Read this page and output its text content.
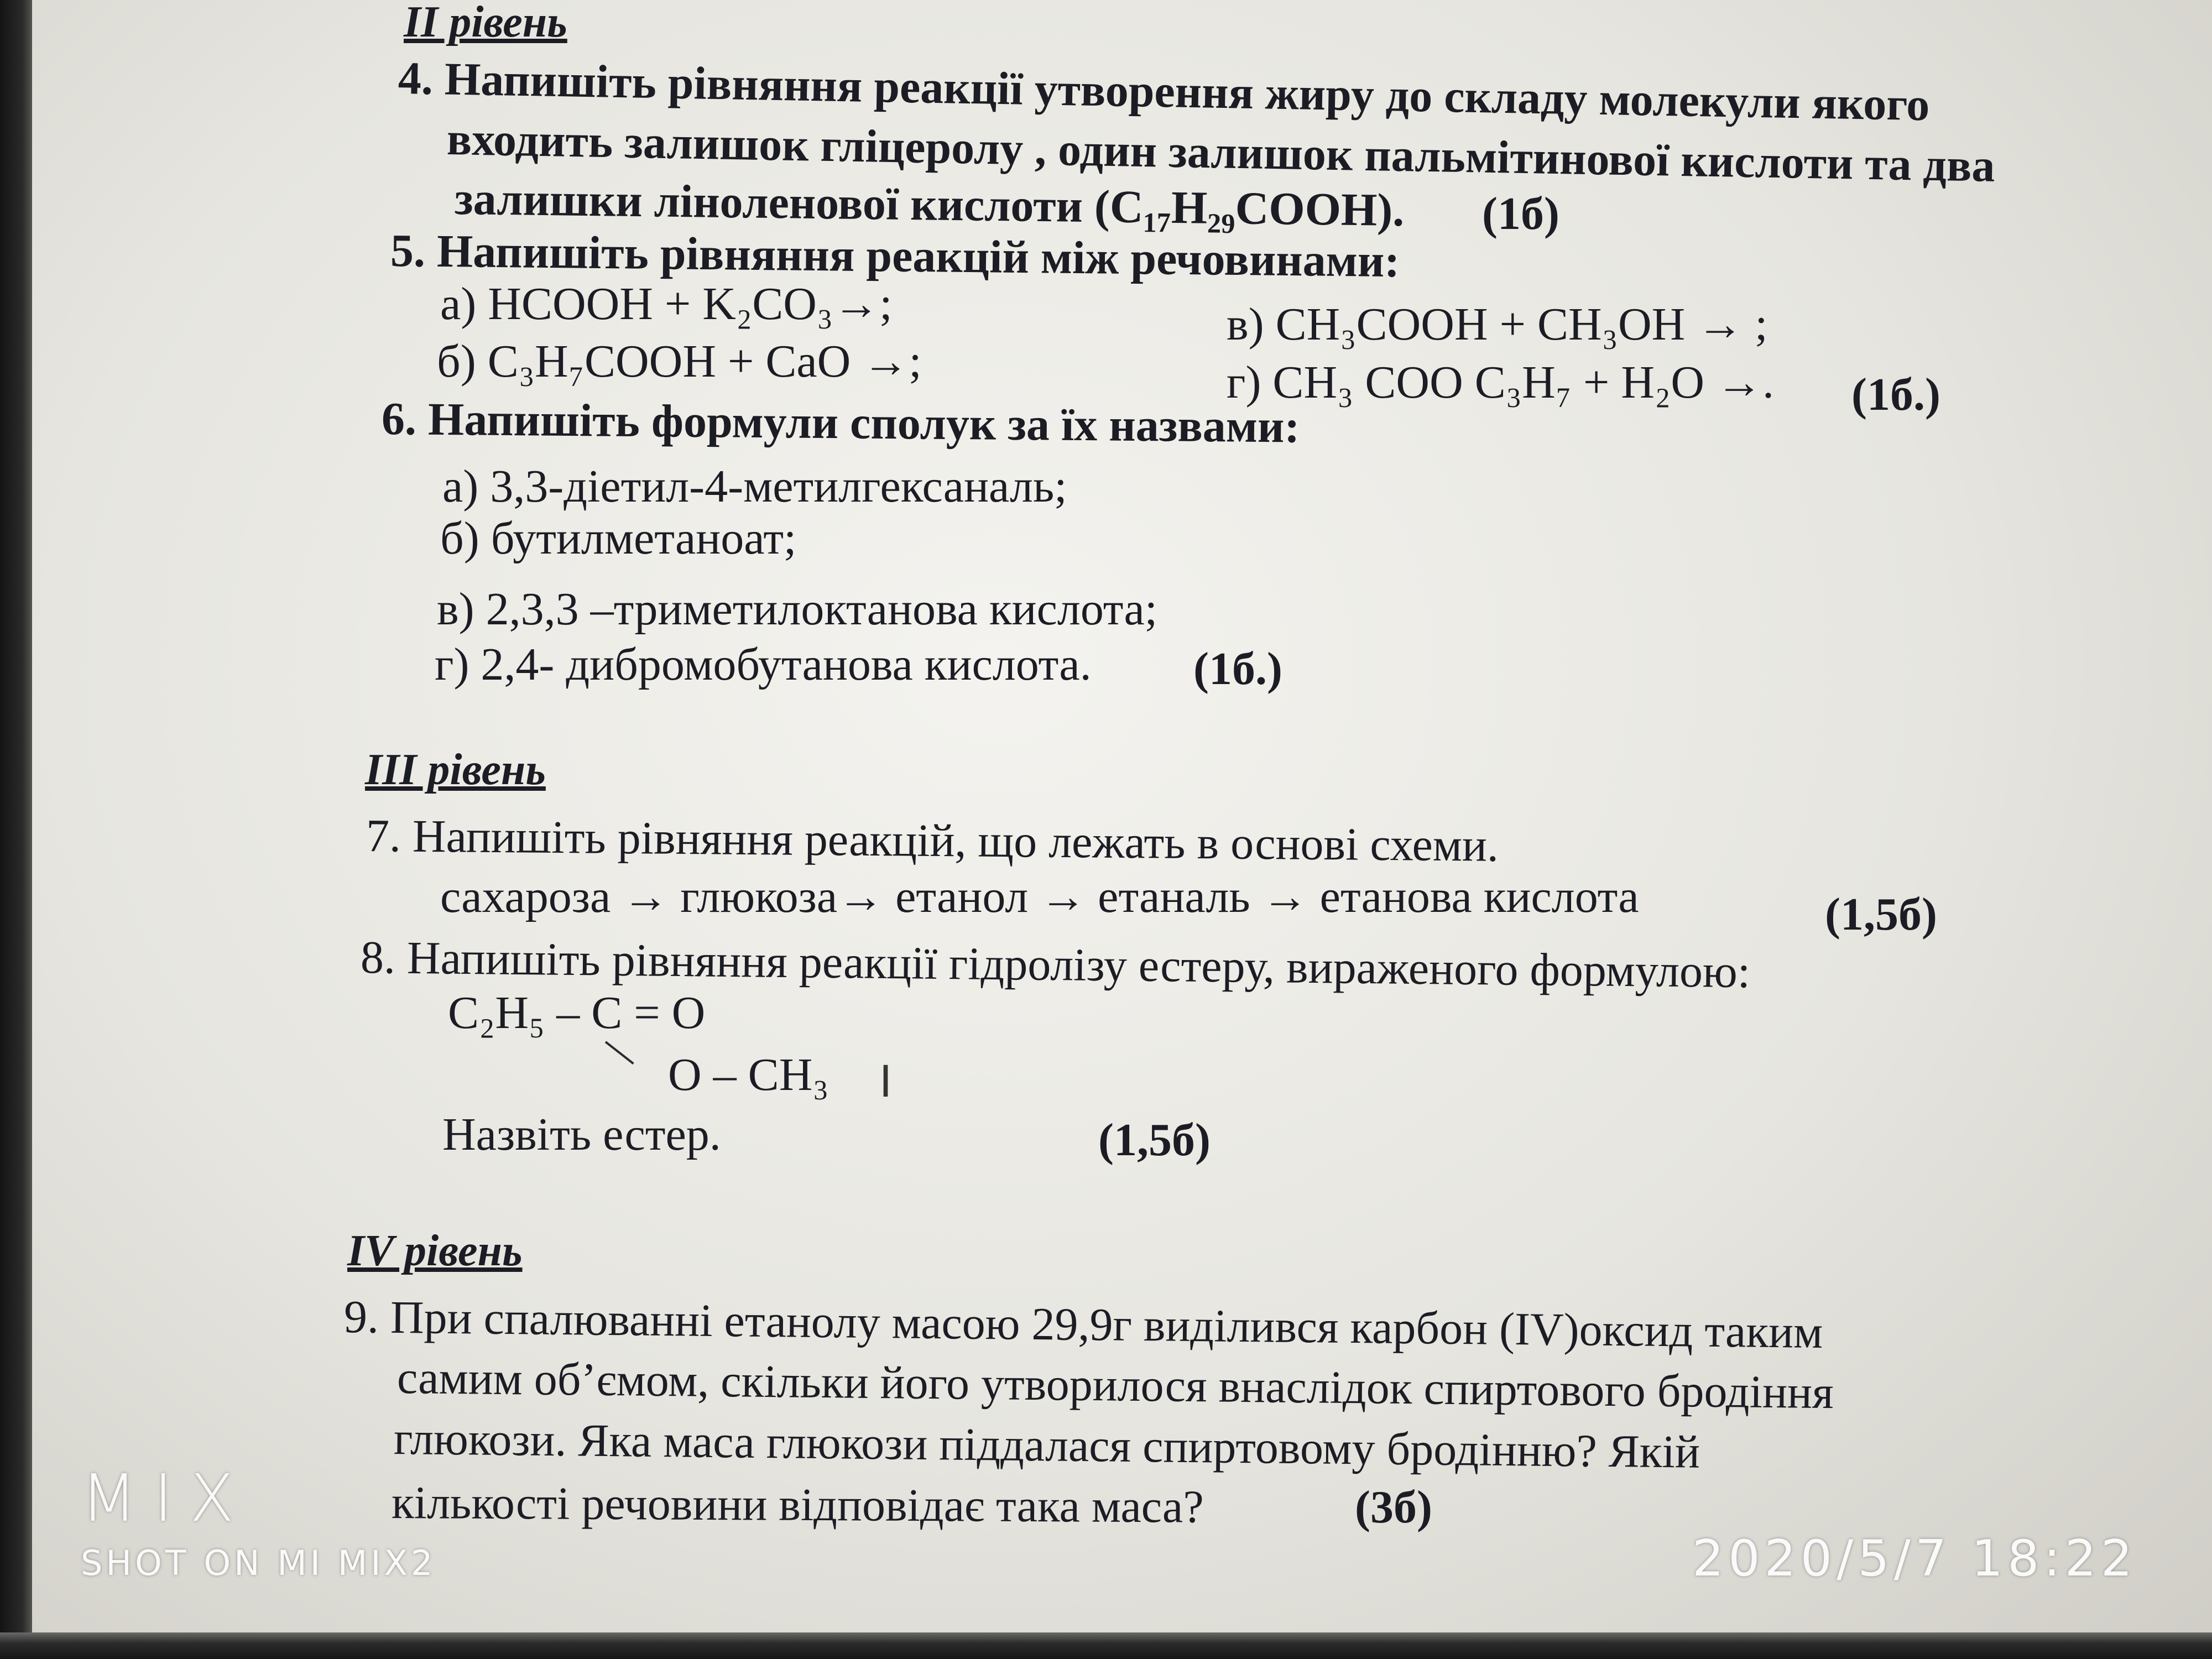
II рівень
4. Напишіть рівняння реакції утворення жиру до складу молекули якого
входить залишок гліцеролу , один залишок пальмітинової кислоти та два
залишки ліноленової кислоти (C₁₇H₂₉COOH). (1б)
5. Напишіть рівняння реакцій між речовинами:
а) HCOOH + K₂CO₃→;
б) C₃H₇COOH + CaO →;
в) CH₃COOH + CH₃OH → ;
г) CH₃ COO C₃H₇ + H₂O →. (1б.)
6. Напишіть формули сполук за їх назвами:
а) 3,3-діетил-4-метилгексаналь;
б) бутилметаноат;
в) 2,3,3 –триметилоктанова кислота;
г) 2,4- дибромобутанова кислота. (1б.)
III рівень
7. Напишіть рівняння реакцій, що лежать в основі схеми.
сахароза → глюкоза→ етанол → етаналь → етанова кислота	(1,5б)
8. Напишіть рівняння реакції гідролізу естеру, вираженого формулою:
C₂H₅ – C = O
O – CH₃ I
Назвіть естер.	(1,5б)
IV рівень
9. При спалюванні етанолу масою 29,9г виділився карбон (IV)оксид таким
самим об’ємом, скільки його утворилося внаслідок спиртового бродіння
глюкози. Яка маса глюкози піддалася спиртовому бродінню? Якій
кількості речовини відповідає така маса?	(3б)
MIX
SHOT ON MI MIX2	2020/5/7 18:22
